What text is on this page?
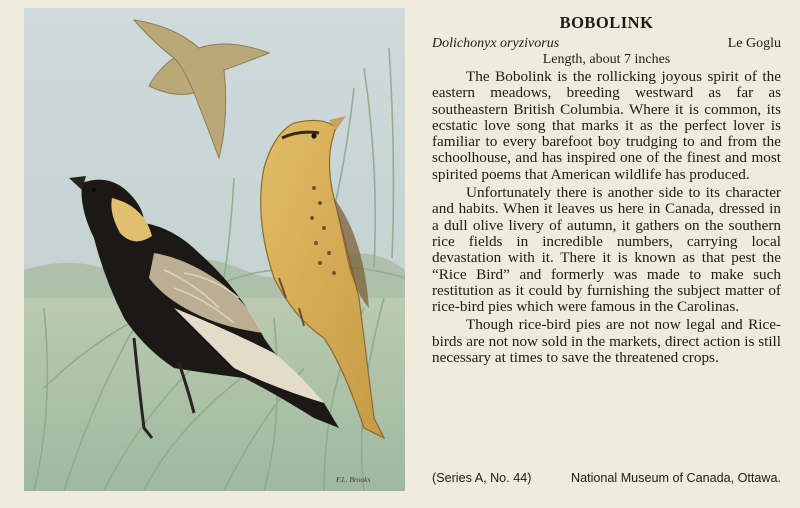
F.L. Brooks
BOBOLINK
Dolichonyx oryzivorus	Le Goglu
Length, about 7 inches

The Bobolink is the rollicking joyous spirit of the eastern meadows, breeding westward as far as southeastern British Columbia. Where it is common, its ecstatic love song that marks it as the perfect lover is familiar to every barefoot boy trudging to and from the schoolhouse, and has inspired one of the finest and most spirited poems that American wildlife has produced.

Unfortunately there is another side to its character and habits. When it leaves us here in Canada, dressed in a dull olive livery of autumn, it gathers on the southern rice fields in incredible numbers, carrying local devastation with it. There it is known as that pest the “Rice Bird” and formerly was made to make such restitution as it could by furnishing the subject matter of rice-bird pies which were famous in the Carolinas.

Though rice-bird pies are not now legal and Rice-birds are not now sold in the markets, direct action is still necessary at times to save the threatened crops.

(Series A, No. 44)	National Museum of Canada, Ottawa.
